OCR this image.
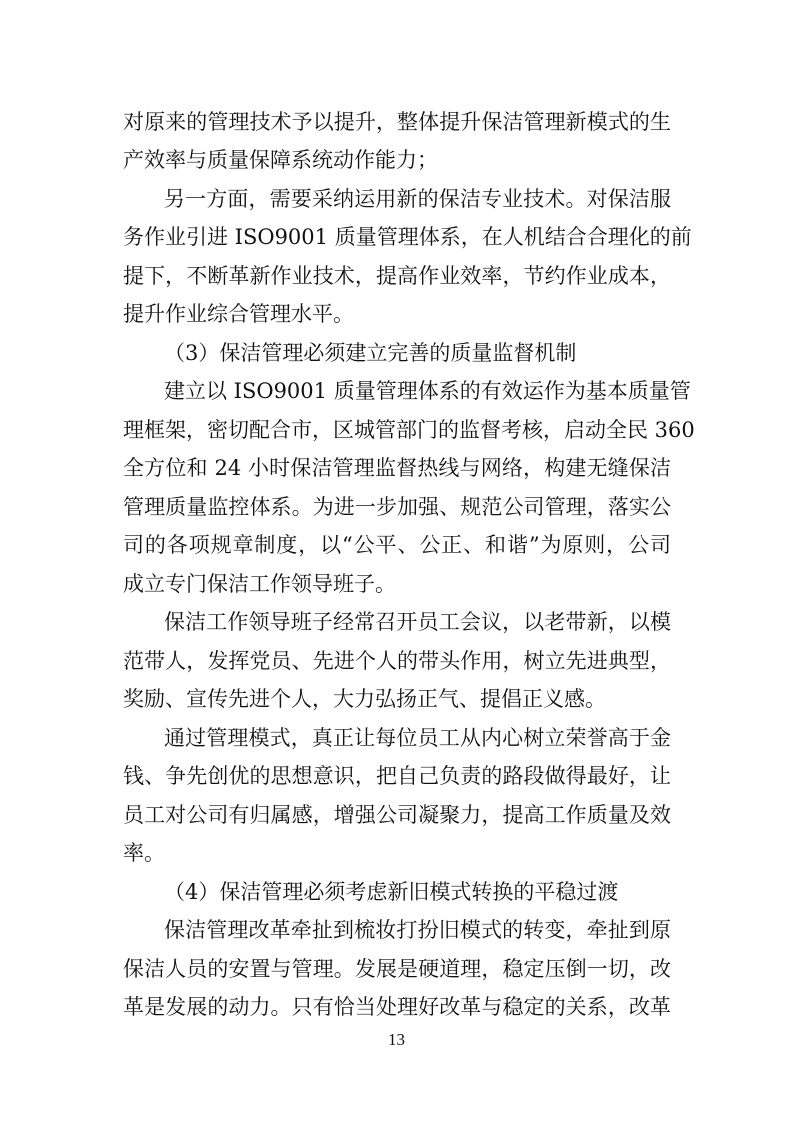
对原来的管理技术予以提升，整体提升保洁管理新模式的生
产效率与质量保障系统动作能力；
另一方面，需要采纳运用新的保洁专业技术。对保洁服
务作业引进 ISO9001 质量管理体系，在人机结合合理化的前
提下，不断革新作业技术，提高作业效率，节约作业成本，
提升作业综合管理水平。
（3）保洁管理必须建立完善的质量监督机制
建立以 ISO9001 质量管理体系的有效运作为基本质量管
理框架，密切配合市，区城管部门的监督考核，启动全民 360
全方位和 24 小时保洁管理监督热线与网络，构建无缝保洁
管理质量监控体系。为进一步加强、规范公司管理，落实公
司的各项规章制度，以“公平、公正、和谐”为原则，公司
成立专门保洁工作领导班子。
保洁工作领导班子经常召开员工会议，以老带新，以模
范带人，发挥党员、先进个人的带头作用，树立先进典型，
奖励、宣传先进个人，大力弘扬正气、提倡正义感。
通过管理模式，真正让每位员工从内心树立荣誉高于金
钱、争先创优的思想意识，把自己负责的路段做得最好，让
员工对公司有归属感，增强公司凝聚力，提高工作质量及效
率。
（4）保洁管理必须考虑新旧模式转换的平稳过渡
保洁管理改革牵扯到梳妆打扮旧模式的转变，牵扯到原
保洁人员的安置与管理。发展是硬道理，稳定压倒一切，改
革是发展的动力。只有恰当处理好改革与稳定的关系，改革
13
